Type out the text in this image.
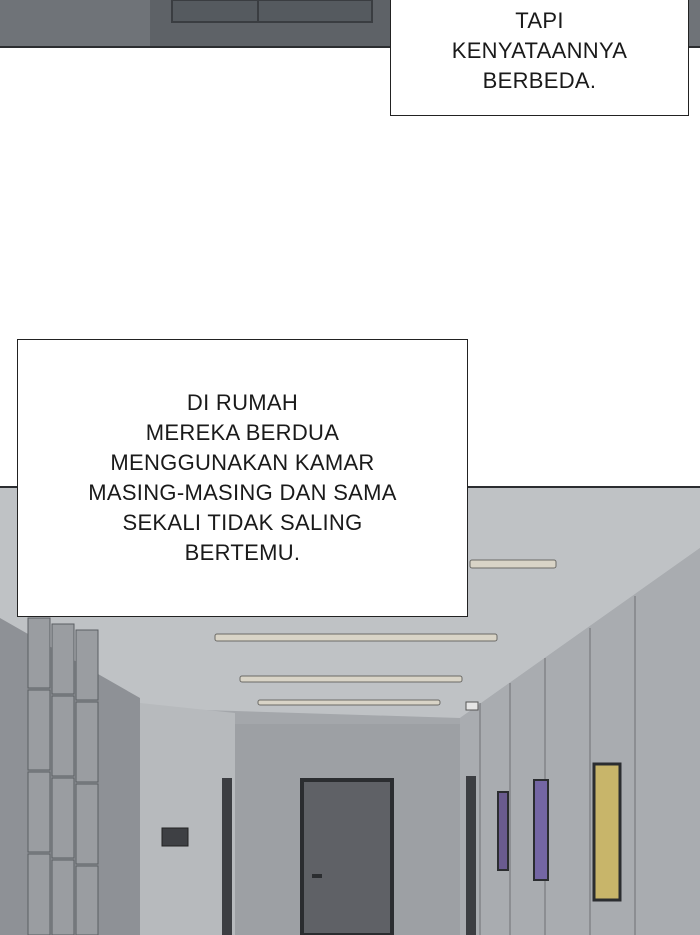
TAPI
KENYATAANNYA
BERBEDA.
DI RUMAH
MEREKA BERDUA
MENGGUNAKAN KAMAR
MASING-MASING DAN SAMA
SEKALI TIDAK SALING
BERTEMU.
